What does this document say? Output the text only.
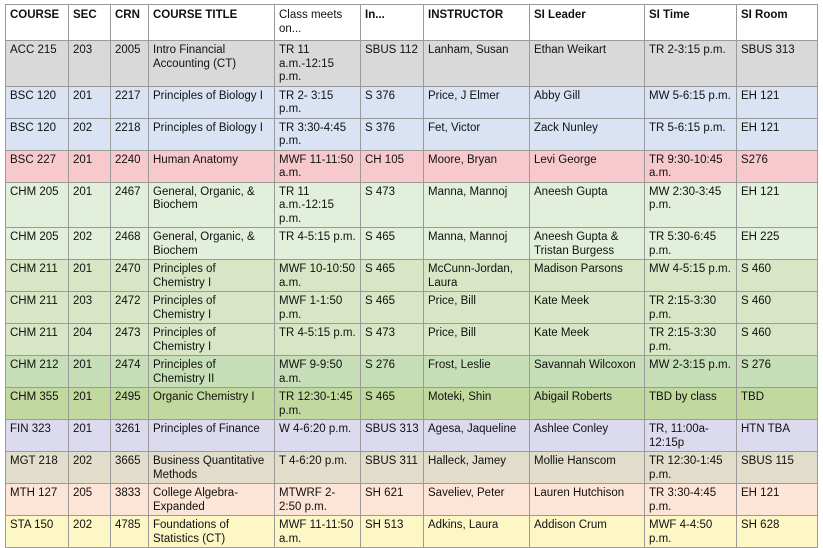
COURSE	SEC	CRN	COURSE TITLE	Class meets on...	In...	INSTRUCTOR	SI Leader	SI Time	SI Room
ACC 215	203	2005	Intro Financial Accounting (CT)	TR 11 a.m.-12:15 p.m.	SBUS 112	Lanham, Susan	Ethan Weikart	TR 2-3:15 p.m.	SBUS 313
BSC 120	201	2217	Principles of Biology I	TR 2- 3:15 p.m.	S 376	Price, J Elmer	Abby Gill	MW 5-6:15 p.m.	EH 121
BSC 120	202	2218	Principles of Biology I	TR 3:30-4:45 p.m.	S 376	Fet, Victor	Zack Nunley	TR 5-6:15 p.m.	EH 121
BSC 227	201	2240	Human Anatomy	MWF 11-11:50 a.m.	CH 105	Moore, Bryan	Levi George	TR 9:30-10:45 a.m.	S276
CHM 205	201	2467	General, Organic, & Biochem	TR 11 a.m.-12:15 p.m.	S 473	Manna, Mannoj	Aneesh Gupta	MW 2:30-3:45 p.m.	EH 121
CHM 205	202	2468	General, Organic, & Biochem	TR 4-5:15 p.m.	S 465	Manna, Mannoj	Aneesh Gupta & Tristan Burgess	TR 5:30-6:45 p.m.	EH 225
CHM 211	201	2470	Principles of Chemistry I	MWF 10-10:50 a.m.	S 465	McCunn-Jordan, Laura	Madison Parsons	MW 4-5:15 p.m.	S 460
CHM 211	203	2472	Principles of Chemistry I	MWF 1-1:50 p.m.	S 465	Price, Bill	Kate Meek	TR 2:15-3:30 p.m.	S 460
CHM 211	204	2473	Principles of Chemistry I	TR 4-5:15 p.m.	S 473	Price, Bill	Kate Meek	TR 2:15-3:30 p.m.	S 460
CHM 212	201	2474	Principles of Chemistry II	MWF 9-9:50 a.m.	S 276	Frost, Leslie	Savannah Wilcoxon	MW 2-3:15 p.m.	S 276
CHM 355	201	2495	Organic Chemistry I	TR 12:30-1:45 p.m.	S 465	Moteki, Shin	Abigail Roberts	TBD by class	TBD
FIN 323	201	3261	Principles of Finance	W 4-6:20 p.m.	SBUS 313	Agesa, Jaqueline	Ashlee Conley	TR, 11:00a-12:15p	HTN TBA
MGT 218	202	3665	Business Quantitative Methods	T 4-6:20 p.m.	SBUS 311	Halleck, Jamey	Mollie Hanscom	TR 12:30-1:45 p.m.	SBUS 115
MTH 127	205	3833	College Algebra-Expanded	MTWRF 2-2:50 p.m.	SH 621	Saveliev, Peter	Lauren Hutchison	TR 3:30-4:45 p.m.	EH 121
STA 150	202	4785	Foundations of Statistics (CT)	MWF 11-11:50 a.m.	SH 513	Adkins, Laura	Addison Crum	MWF 4-4:50 p.m.	SH 628
